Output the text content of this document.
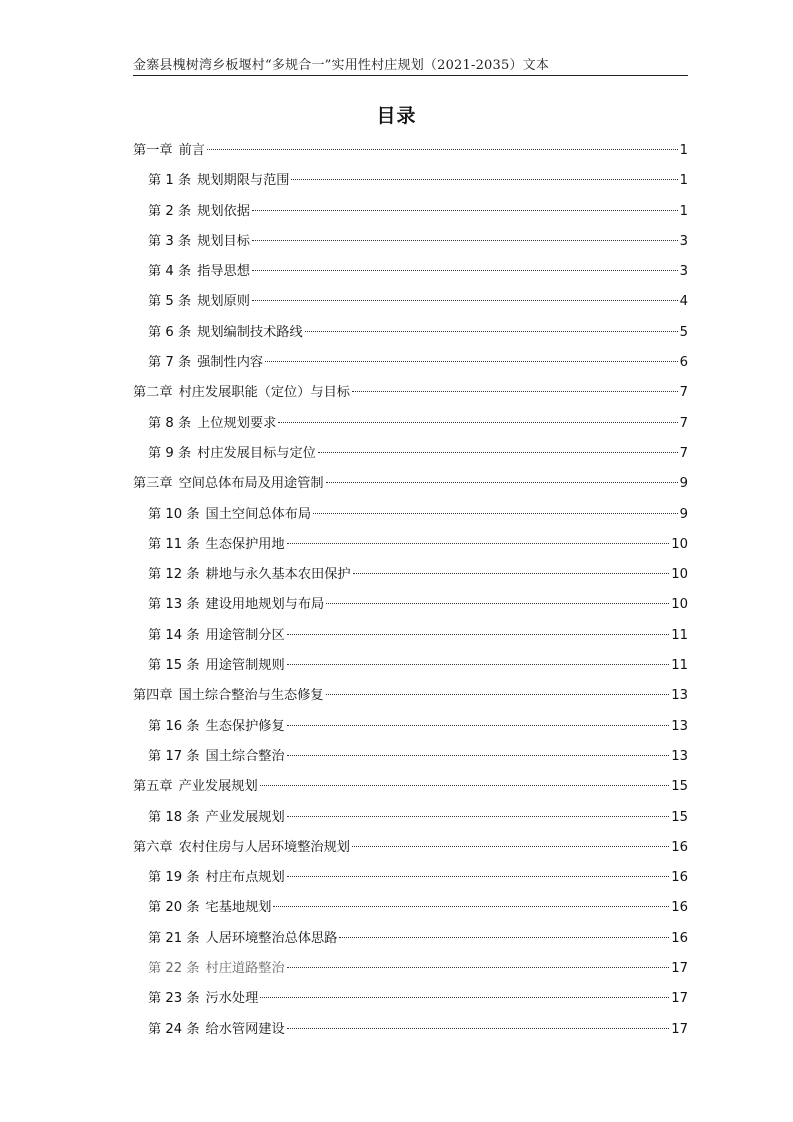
金寨县槐树湾乡板堰村“多规合一”实用性村庄规划（2021-2035）文本
目录
第一章 前言	1
第 1 条 规划期限与范围	1
第 2 条 规划依据	1
第 3 条 规划目标	3
第 4 条 指导思想	3
第 5 条 规划原则	4
第 6 条 规划编制技术路线	5
第 7 条 强制性内容	6
第二章 村庄发展职能（定位）与目标	7
第 8 条 上位规划要求	7
第 9 条 村庄发展目标与定位	7
第三章 空间总体布局及用途管制	9
第 10 条 国土空间总体布局	9
第 11 条 生态保护用地	10
第 12 条 耕地与永久基本农田保护	10
第 13 条 建设用地规划与布局	10
第 14 条 用途管制分区	11
第 15 条 用途管制规则	11
第四章 国土综合整治与生态修复	13
第 16 条 生态保护修复	13
第 17 条 国土综合整治	13
第五章 产业发展规划	15
第 18 条 产业发展规划	15
第六章 农村住房与人居环境整治规划	16
第 19 条 村庄布点规划	16
第 20 条 宅基地规划	16
第 21 条 人居环境整治总体思路	16
第 22 条 村庄道路整治	17
第 23 条 污水处理	17
第 24 条 给水管网建设	17
